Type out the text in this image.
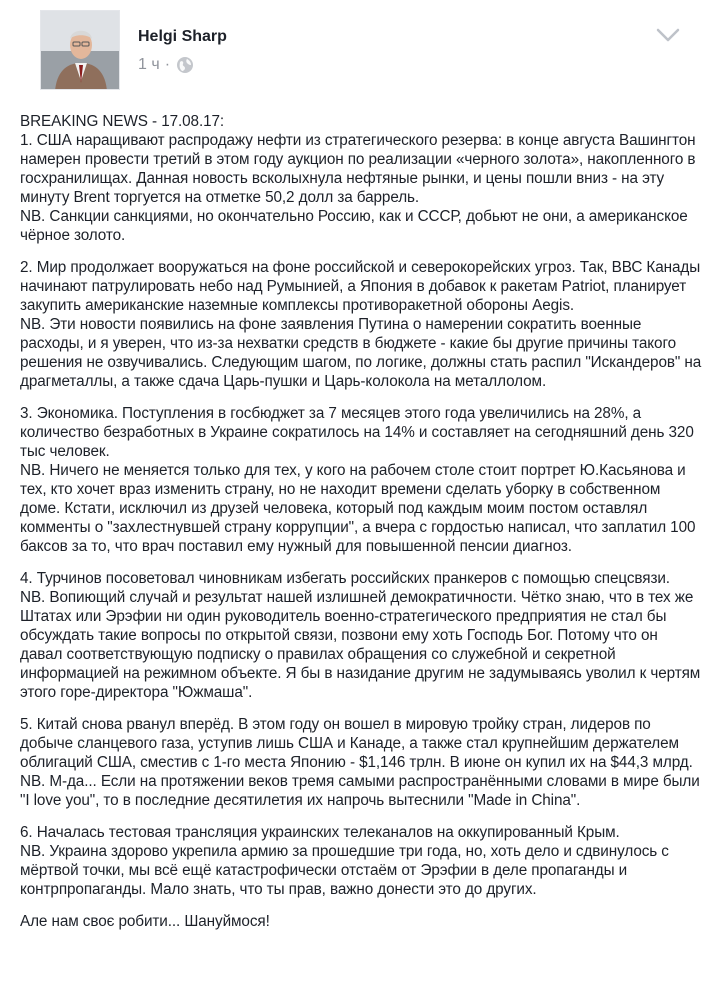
Helgi Sharp
1 ч ·

BREAKING NEWS - 17.08.17:
1. США наращивают распродажу нефти из стратегического резерва: в конце августа Вашингтон намерен провести третий в этом году аукцион по реализации «черного золота», накопленного в госхранилищах. Данная новость всколыхнула нефтяные рынки, и цены пошли вниз - на эту минуту Brent торгуется на отметке 50,2 долл за баррель.
NB. Санкции санкциями, но окончательно Россию, как и СССР, добьют не они, а американское чёрное золото.

2. Мир продолжает вооружаться на фоне российской и северокорейских угроз. Так, ВВС Канады начинают патрулировать небо над Румынией, а Япония в добавок к ракетам Patriot, планирует закупить американские наземные комплексы противоракетной обороны Aegis.
NB. Эти новости появились на фоне заявления Путина о намерении сократить военные расходы, и я уверен, что из-за нехватки средств в бюджете - какие бы другие причины такого решения не озвучивались. Следующим шагом, по логике, должны стать распил "Искандеров" на драгметаллы, а также сдача Царь-пушки и Царь-колокола на металлолом.

3. Экономика. Поступления в госбюджет за 7 месяцев этого года увеличились на 28%, а количество безработных в Украине сократилось на 14% и составляет на сегодняшний день 320 тыс человек.
NB. Ничего не меняется только для тех, у кого на рабочем столе стоит портрет Ю.Касьянова и тех, кто хочет враз изменить страну, но не находит времени сделать уборку в собственном доме. Кстати, исключил из друзей человека, который под каждым моим постом оставлял комменты о "захлестнувшей страну коррупции", а вчера с гордостью написал, что заплатил 100 баксов за то, что врач поставил ему нужный для повышенной пенсии диагноз.

4. Турчинов посоветовал чиновникам избегать российских пранкеров с помощью спецсвязи.
NB. Вопиющий случай и результат нашей излишней демократичности. Чётко знаю, что в тех же Штатах или Эрэфии ни один руководитель военно-стратегического предприятия не стал бы обсуждать такие вопросы по открытой связи, позвони ему хоть Господь Бог. Потому что он давал соответствующую подписку о правилах обращения со служебной и секретной информацией на режимном объекте. Я бы в назидание другим не задумываясь уволил к чертям этого горе-директора "Южмаша".

5. Китай снова рванул вперёд. В этом году он вошел в мировую тройку стран, лидеров по добыче сланцевого газа, уступив лишь США и Канаде, а также стал крупнейшим держателем облигаций США, сместив с 1-го места Японию - $1,146 трлн. В июне он купил их на $44,3 млрд.
NB. М-да... Если на протяжении веков тремя самыми распространёнными словами в мире были "I love you", то в последние десятилетия их напрочь вытеснили "Made in China".

6. Началась тестовая трансляция украинских телеканалов на оккупированный Крым.
NB. Украина здорово укрепила армию за прошедшие три года, но, хоть дело и сдвинулось с мёртвой точки, мы всё ещё катастрофически отстаём от Эрэфии в деле пропаганды и контрпропаганды. Мало знать, что ты прав, важно донести это до других.

Але нам своє робити... Шануймося!
